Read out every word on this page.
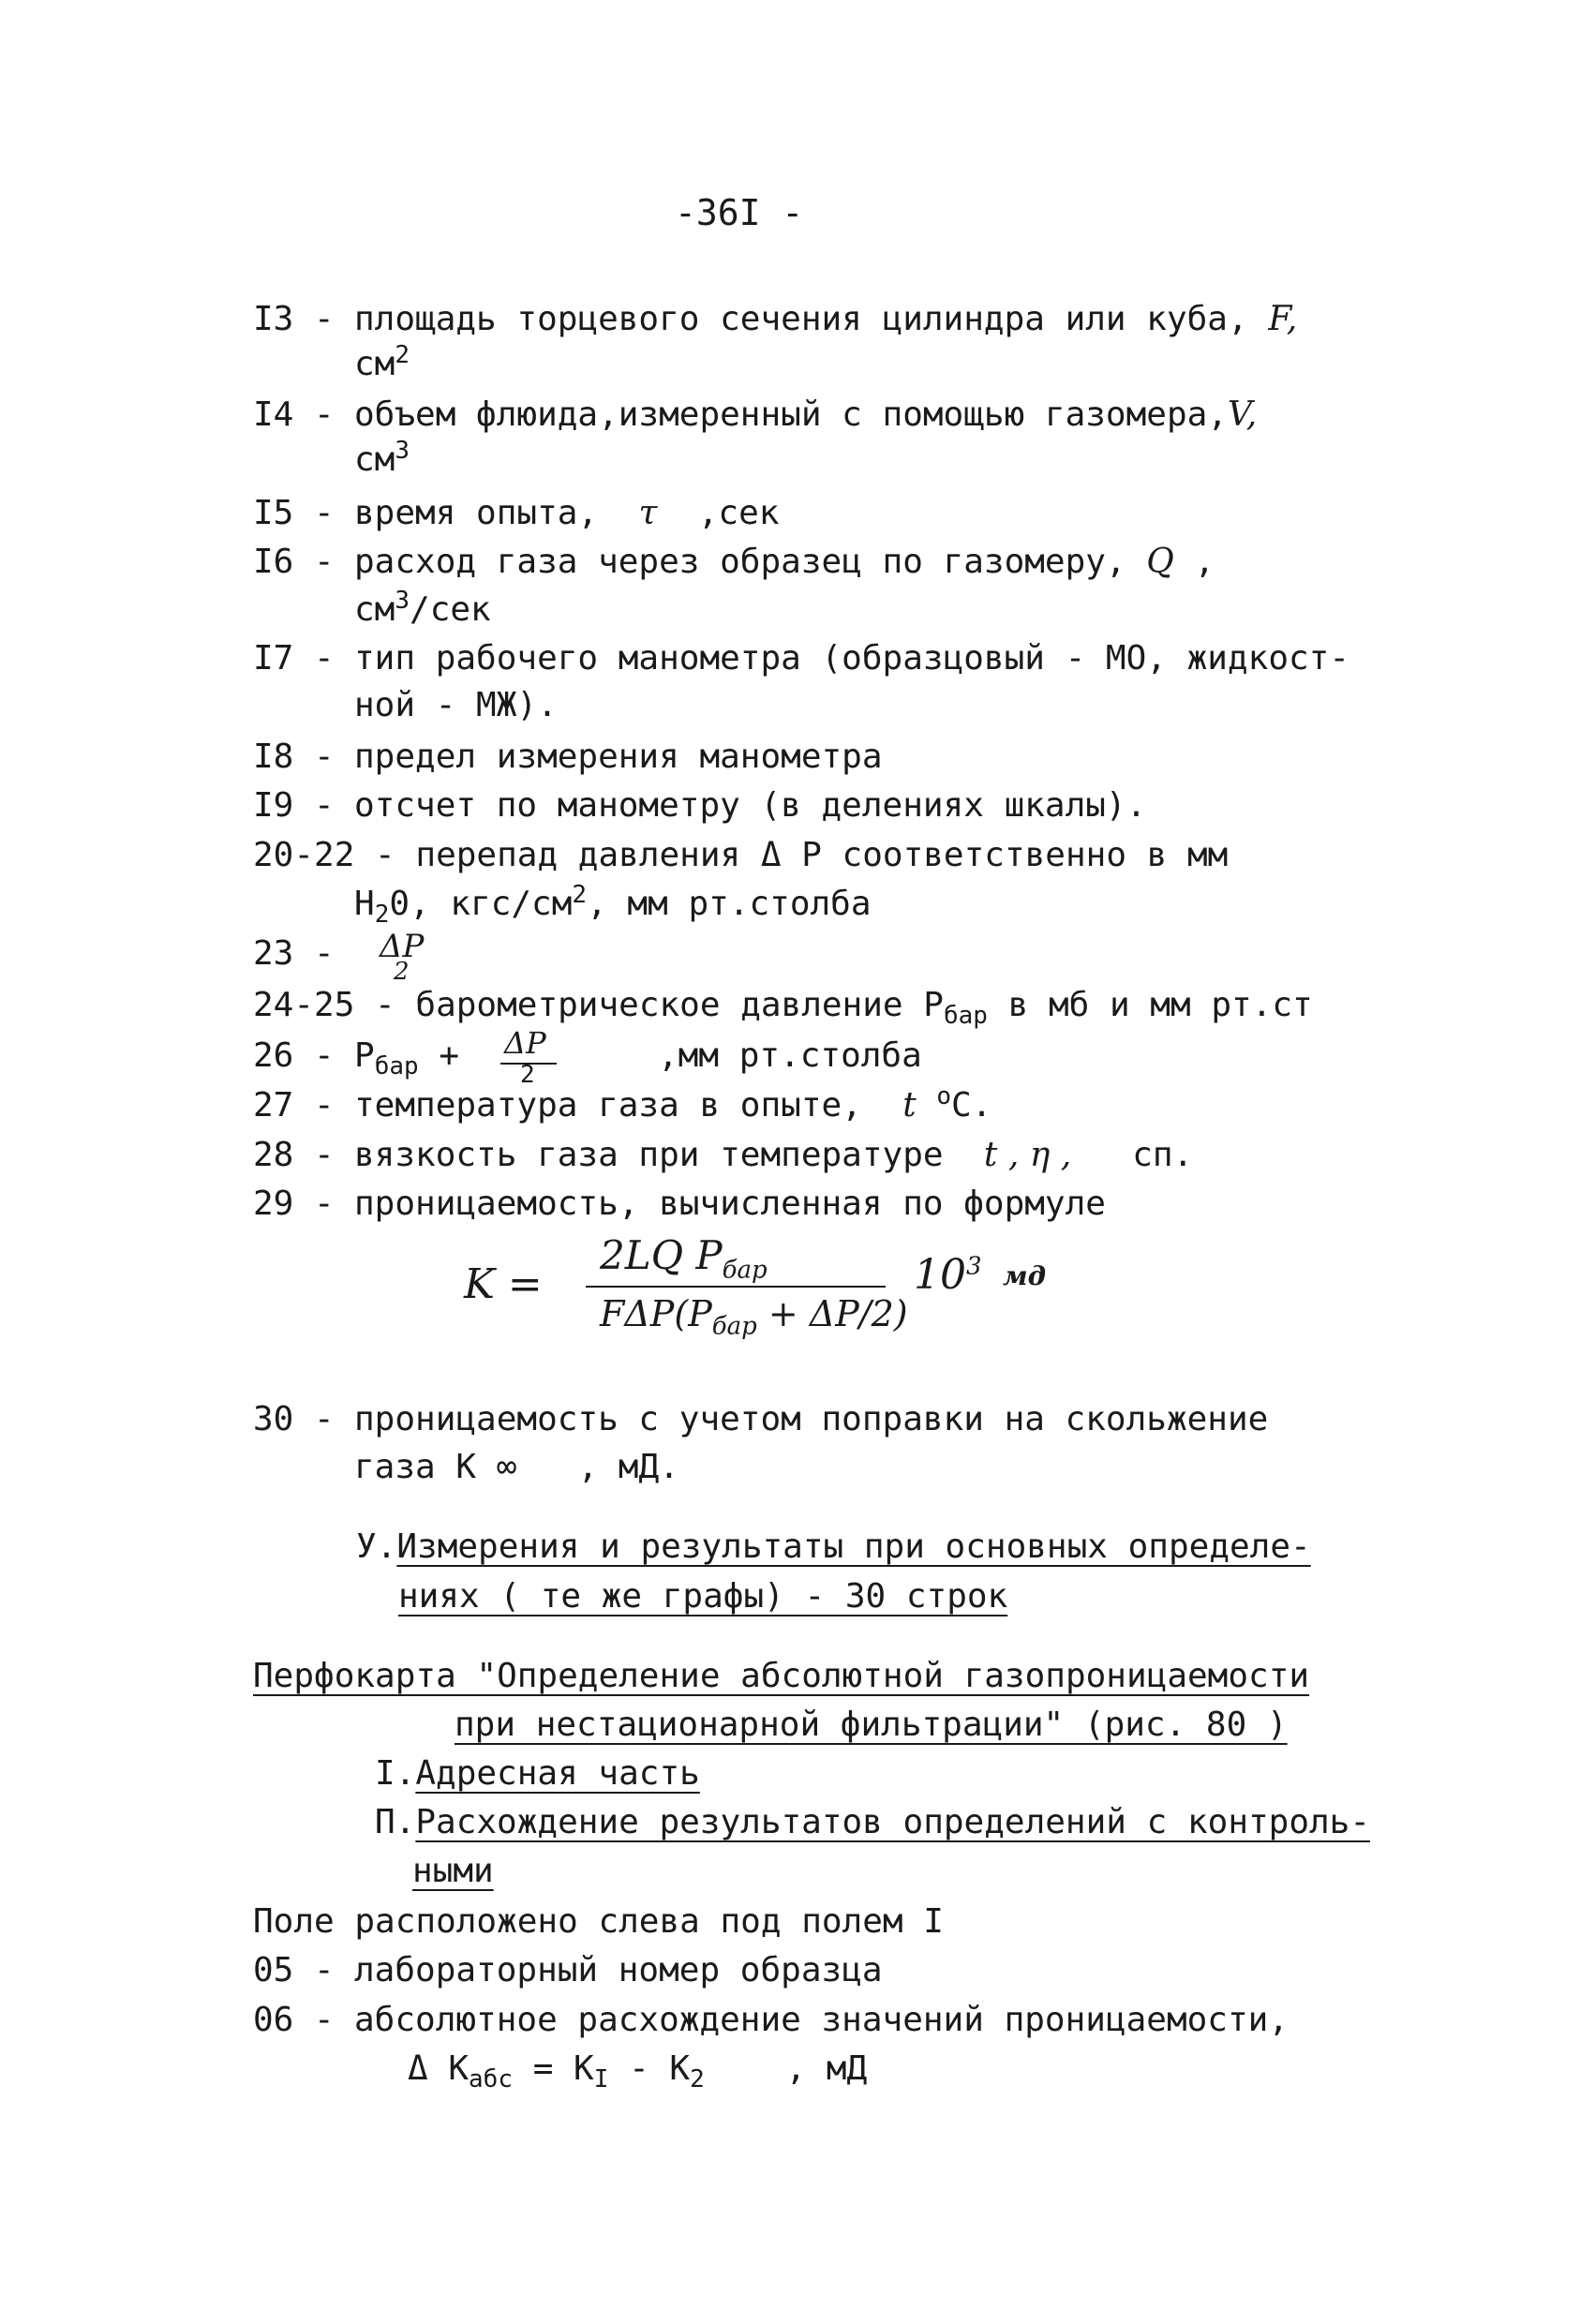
-36I -
I3 - площадь торцевого сечения цилиндра или куба, F,
$см^2$
I4 - объем флюида,измеренный с помощью газомера,V,
$см^3$
I5 - время опыта, τ ,сек
I6 - расход газа через образец по газомеру, Q ,
$см^3$/сек
I7 - тип рабочего манометра (образцовый - МО, жидкост-
ной - МЖ).
I8 - предел измерения манометра
I9 - отсчет по манометру (в делениях шкалы).
20-22 - перепад давления Δ P соответственно в мм
$H_20$, кгс/$см^2$, мм рт.столба
23 - ΔP
2
24-25 - барометрическое давление $P_{бар}$ в мб и мм рт.ст
$26 - P_{бар} + \Delta P$
2	,мм рт.столба
27 - температура газа в опыте, t $^o$C.
28 - вязкость газа при температуре t , η , сп.
29 - проницаемость, вычисленная по формуле
K =
2LQ $P_{бар}$
$F\Delta P(P_{бар} + \Delta P/2)$
$10^3$ мд
30 - проницаемость с учетом поправки на скольжение
газа K ∞ , мД.
У.Измерения и результаты при основных определе-
ниях ( те же графы) - 30 строк
Перфокарта "Определение абсолютной газопроницаемости
при нестационарной фильтрации" (рис. 80 )
I.Адресная часть
П.Расхождение результатов определений с контроль-
ными
Поле расположено слева под полем I
05 - лабораторный номер образца
06 - абсолютное расхождение значений проницаемости,
Δ $K_{абс} = K_I - K_2$ , мД
